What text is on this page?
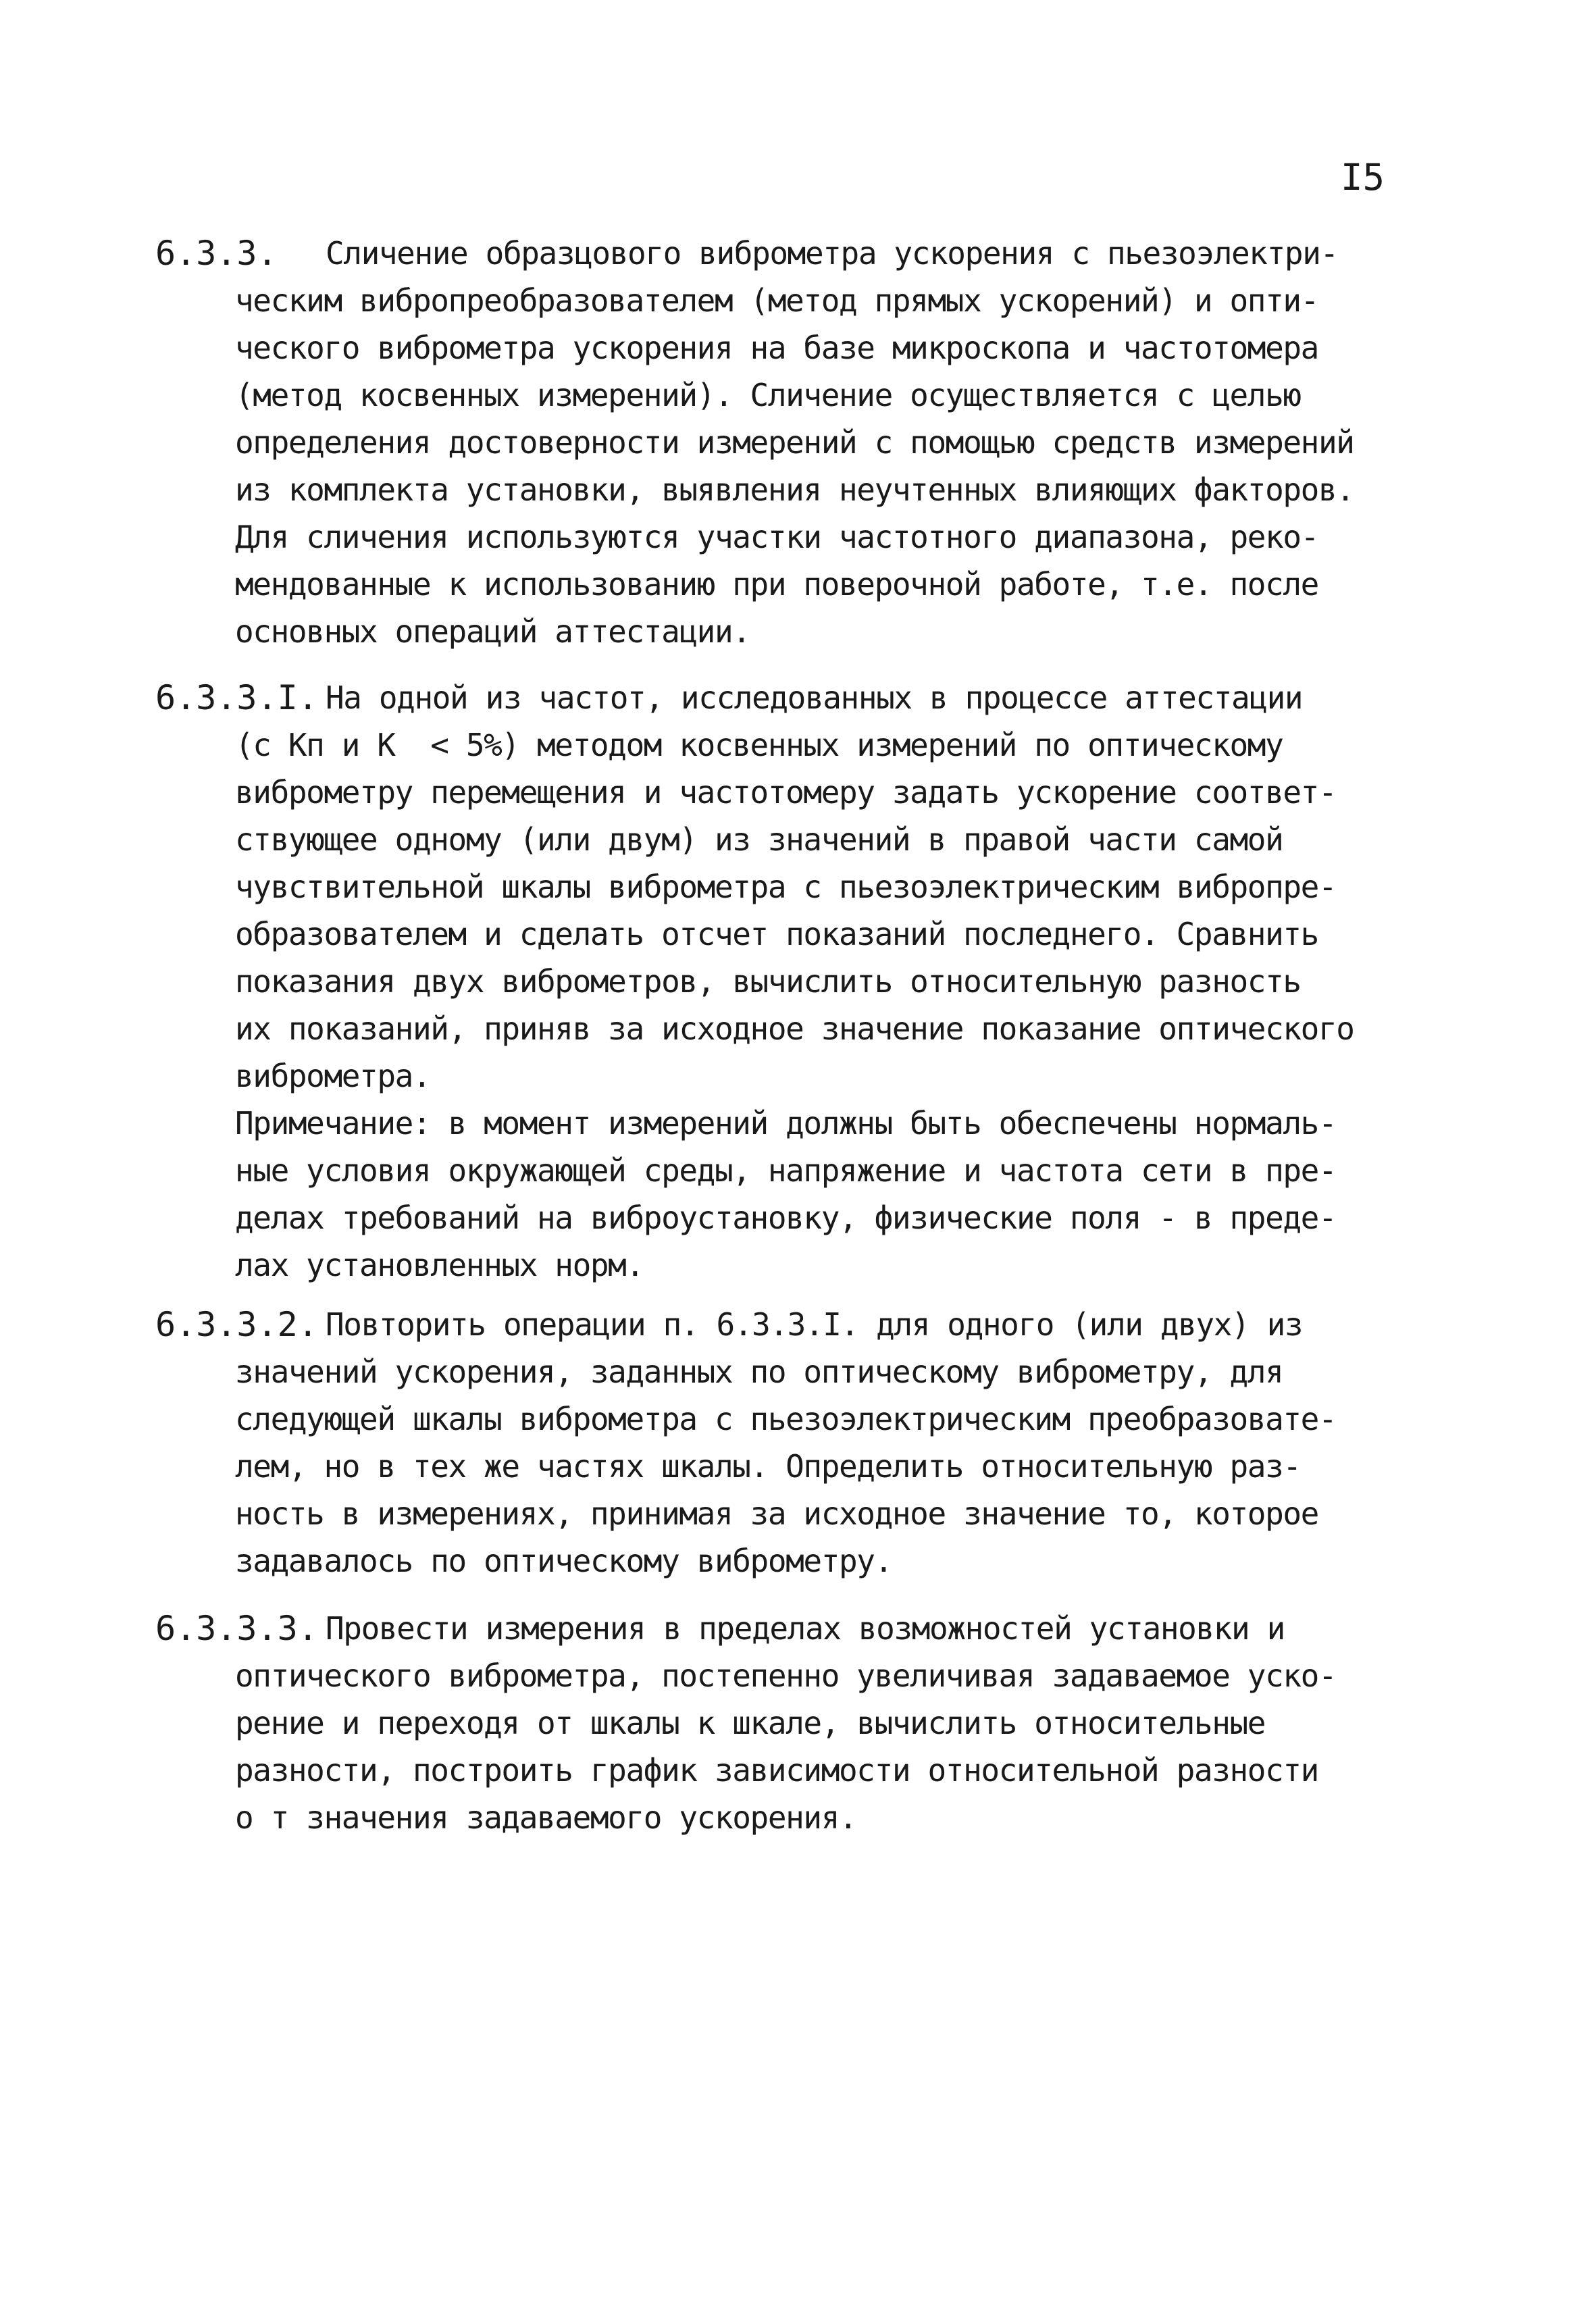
I5
6.3.3.	Сличение образцового виброметра ускорения с пьезоэлектри-
ческим вибропреобразователем (метод прямых ускорений) и опти-
ческого виброметра ускорения на базе микроскопа и частотомера
(метод косвенных измерений). Сличение осуществляется с целью
определения достоверности измерений с помощью средств измерений
из комплекта установки, выявления неучтенных влияющих факторов.
Для сличения используются участки частотного диапазона, реко-
мендованные к использованию при поверочной работе, т.е. после
основных операций аттестации.
6.3.3.I. На одной из частот, исследованных в процессе аттестации
(с Кп и К  < 5%) методом косвенных измерений по оптическому
виброметру перемещения и частотомеру задать ускорение соответ-
ствующее одному (или двум) из значений в правой части самой
чувствительной шкалы виброметра с пьезоэлектрическим вибропре-
образователем и сделать отсчет показаний последнего. Сравнить
показания двух виброметров, вычислить относительную разность
их показаний, приняв за исходное значение показание оптического
виброметра.
Примечание: в момент измерений должны быть обеспечены нормаль-
ные условия окружающей среды, напряжение и частота сети в пре-
делах требований на виброустановку, физические поля - в преде-
лах установленных норм.
6.3.3.2. Повторить операции п. 6.3.3.I. для одного (или двух) из
значений ускорения, заданных по оптическому виброметру, для
следующей шкалы виброметра с пьезоэлектрическим преобразовате-
лем, но в тех же частях шкалы. Определить относительную раз-
ность в измерениях, принимая за исходное значение то, которое
задавалось по оптическому виброметру.
6.3.3.3. Провести измерения в пределах возможностей установки и
оптического виброметра, постепенно увеличивая задаваемое уско-
рение и переходя от шкалы к шкале, вычислить относительные
разности, построить график зависимости относительной разности
о т значения задаваемого ускорения.
